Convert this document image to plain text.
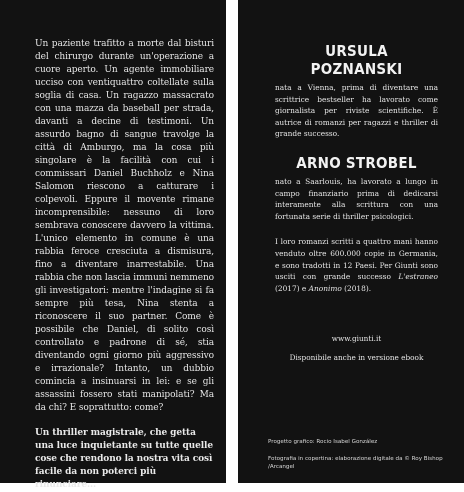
Un paziente trafitto a morte dal bisturi del chirurgo durante un'operazione a cuore aperto. Un agente immobiliare ucciso con ventiquattro coltellate sulla soglia di casa. Un ragazzo massacrato con una mazza da baseball per strada, davanti a decine di testimoni. Un assurdo bagno di sangue travolge la città di Amburgo, ma la cosa più singolare è la facilità con cui i commissari Daniel Buchholz e Nina Salomon riescono a catturare i colpevoli. Eppure il movente rimane incomprensibile: nessuno di loro sembrava conoscere davvero la vittima. L'unico elemento in comune è una rabbia feroce cresciuta a dismisura, fino a diventare inarrestabile. Una rabbia che non lascia immuni nemmeno gli investigatori: mentre l'indagine si fa sempre più tesa, Nina stenta a riconoscere il suo partner. Come è possibile che Daniel, di solito così controllato e padrone di sé, stia diventando ogni giorno più aggressivo e irrazionale? Intanto, un dubbio comincia a insinuarsi in lei: e se gli assassini fossero stati manipolati? Ma da chi? E soprattutto: come?

Un thriller magistrale, che getta una luce inquietante su tutte quelle cose che rendono la nostra vita così facile da non poterci più rinunciare...

URSULA POZNANSKI

nata a Vienna, prima di diventare una scrittrice bestseller ha lavorato come giornalista per riviste scientifiche. È autrice di romanzi per ragazzi e thriller di grande successo.

ARNO STROBEL

nato a Saarlouis, ha lavorato a lungo in campo finanziario prima di dedicarsi interamente alla scrittura con una fortunata serie di thriller psicologici.

I loro romanzi scritti a quattro mani hanno venduto oltre 600.000 copie in Germania, e sono tradotti in 12 Paesi. Per Giunti sono usciti con grande successo L'estraneo (2017) e Anonimo (2018).

www.giunti.it
Disponibile anche in versione ebook
Progetto grafico: Rocio Isabel González
Fotografia in copertina: elaborazione digitale da © Roy Bishop /Arcangel
